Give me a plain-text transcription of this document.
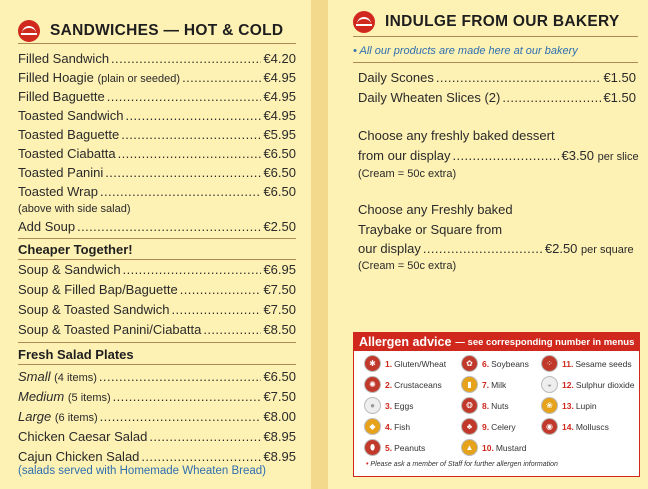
SANDWICHES — HOT & COLD
Filled Sandwich .....	€4.20
Filled Hoagie
(plain or seeded) .....	€4.95
Filled Baguette .....	€4.95
Toasted Sandwich .....	€4.95
Toasted Baguette .....	€5.95
Toasted Ciabatta .....	€6.50
Toasted Panini .....	€6.50
Toasted Wrap .....	€6.50
(above with side salad)
Add Soup .....	€2.50
Cheaper Together!
Soup & Sandwich .....	€6.95
Soup & Filled Bap/Baguette .....	€7.50
Soup & Toasted Sandwich .....	€7.50
Soup & Toasted Panini/Ciabatta .....	€8.50
Fresh Salad Plates
Small
(4 items) .....	€6.50
Medium
(5 items) .....	€7.50
Large
(6 items) .....	€8.00
Chicken Caesar Salad .....	€8.95
Cajun Chicken Salad .....	€8.95
(salads served with Homemade Wheaten Bread)
INDULGE FROM OUR BAKERY
• All our products are made here at our bakery
Daily Scones .....	€1.50
Daily Wheaten Slices (2) .....	€1.50
Choose any freshly baked dessert
from our display .....	€3.50
per slice
(Cream = 50c extra)
Choose any Freshly baked
Traybake or Square from
our display .....	€2.50
per square
(Cream = 50c extra)
Allergen advice — see corresponding number in menus
✱	1. Gluten/Wheat
✺	2. Crustaceans
●	3. Eggs
◆	4. Fish
⬮	5. Peanuts
✿	6. Soybeans
▮	7. Milk
❂	8. Nuts
♣	9. Celery
▲	10. Mustard
⁘	11. Sesame seeds
◒	12. Sulphur dioxide
❀	13. Lupin
◉	14. Molluscs
• Please ask a member of Staff for further allergen information
